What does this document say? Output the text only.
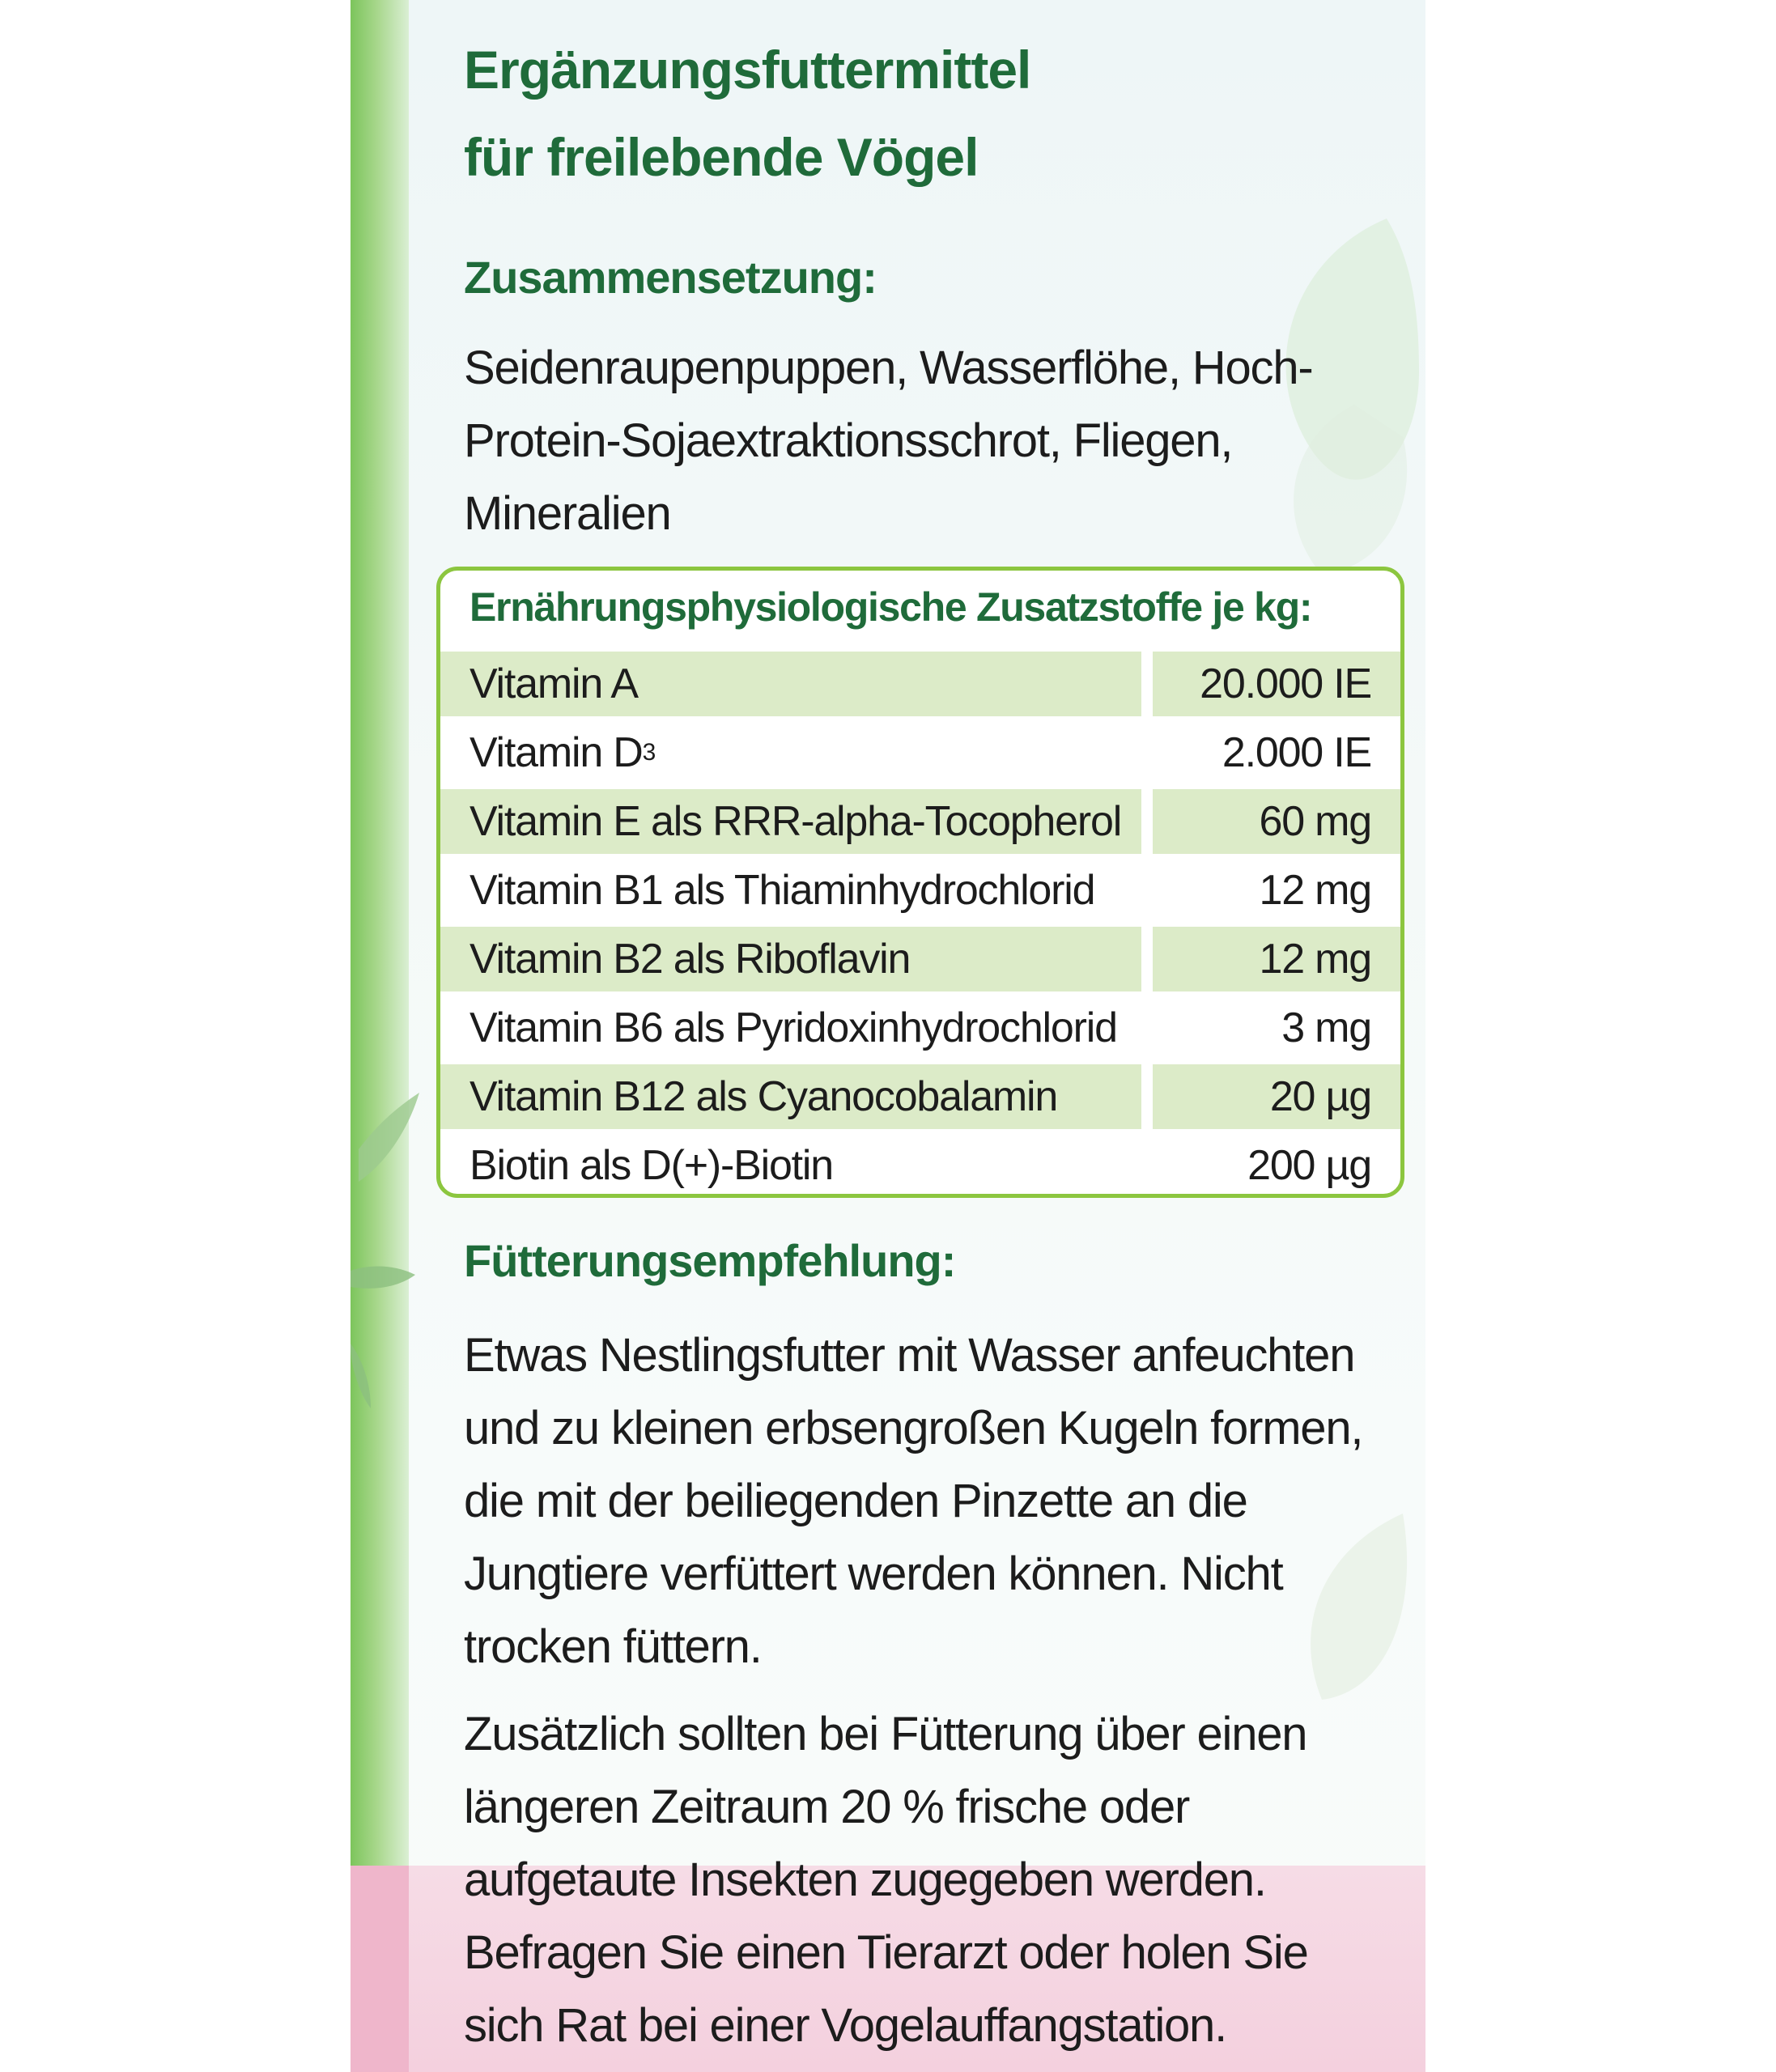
Ergänzungsfuttermittel
für freilebende Vögel
Zusammensetzung:

Seidenraupenpuppen, Wasserflöhe, Hoch-
Protein-Sojaextraktionsschrot, Fliegen,
Mineralien

Ernährungsphysiologische Zusatzstoffe je kg:
Vitamin A	20.000 IE
Vitamin D 3	2.000 IE
Vitamin E als RRR-alpha-Tocopherol	60 mg
Vitamin B1 als Thiaminhydrochlorid	12 mg
Vitamin B2 als Riboflavin	12 mg
Vitamin B6 als Pyridoxinhydrochlorid	3 mg
Vitamin B12 als Cyanocobalamin	20 µg
Biotin als D(+)-Biotin	200 µg
Fütterungsempfehlung:

Etwas Nestlingsfutter mit Wasser anfeuchten
und zu kleinen erbsengroßen Kugeln formen,
die mit der beiliegenden Pinzette an die
Jungtiere verfüttert werden können. Nicht
trocken füttern.

Zusätzlich sollten bei Fütterung über einen
längeren Zeitraum 20 % frische oder
aufgetaute Insekten zugegeben werden.
Befragen Sie einen Tierarzt oder holen Sie
sich Rat bei einer Vogelauffangstation.
